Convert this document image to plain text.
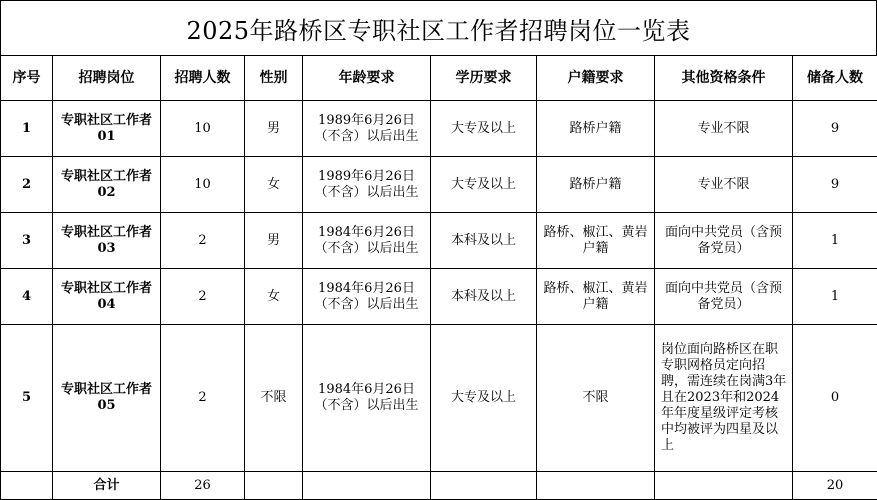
2025年路桥区专职社区工作者招聘岗位一览表
序号	招聘岗位	招聘人数	性别	年龄要求	学历要求	户籍要求	其他资格条件	储备人数
1	专职社区工作者01	10	男	1989年6月26日（不含）以后出生	大专及以上	路桥户籍	专业不限	9
2	专职社区工作者02	10	女	1989年6月26日（不含）以后出生	大专及以上	路桥户籍	专业不限	9
3	专职社区工作者03	2	男	1984年6月26日（不含）以后出生	本科及以上	路桥、椒江、黄岩户籍	面向中共党员（含预备党员）	1
4	专职社区工作者04	2	女	1984年6月26日（不含）以后出生	本科及以上	路桥、椒江、黄岩户籍	面向中共党员（含预备党员）	1
5	专职社区工作者05	2	不限	1984年6月26日（不含）以后出生	大专及以上	不限	岗位面向路桥区在职专职网格员定向招聘，需连续在岗满3年且在2023年和2024年年度星级评定考核中均被评为四星及以上	0
	合计	26						20
